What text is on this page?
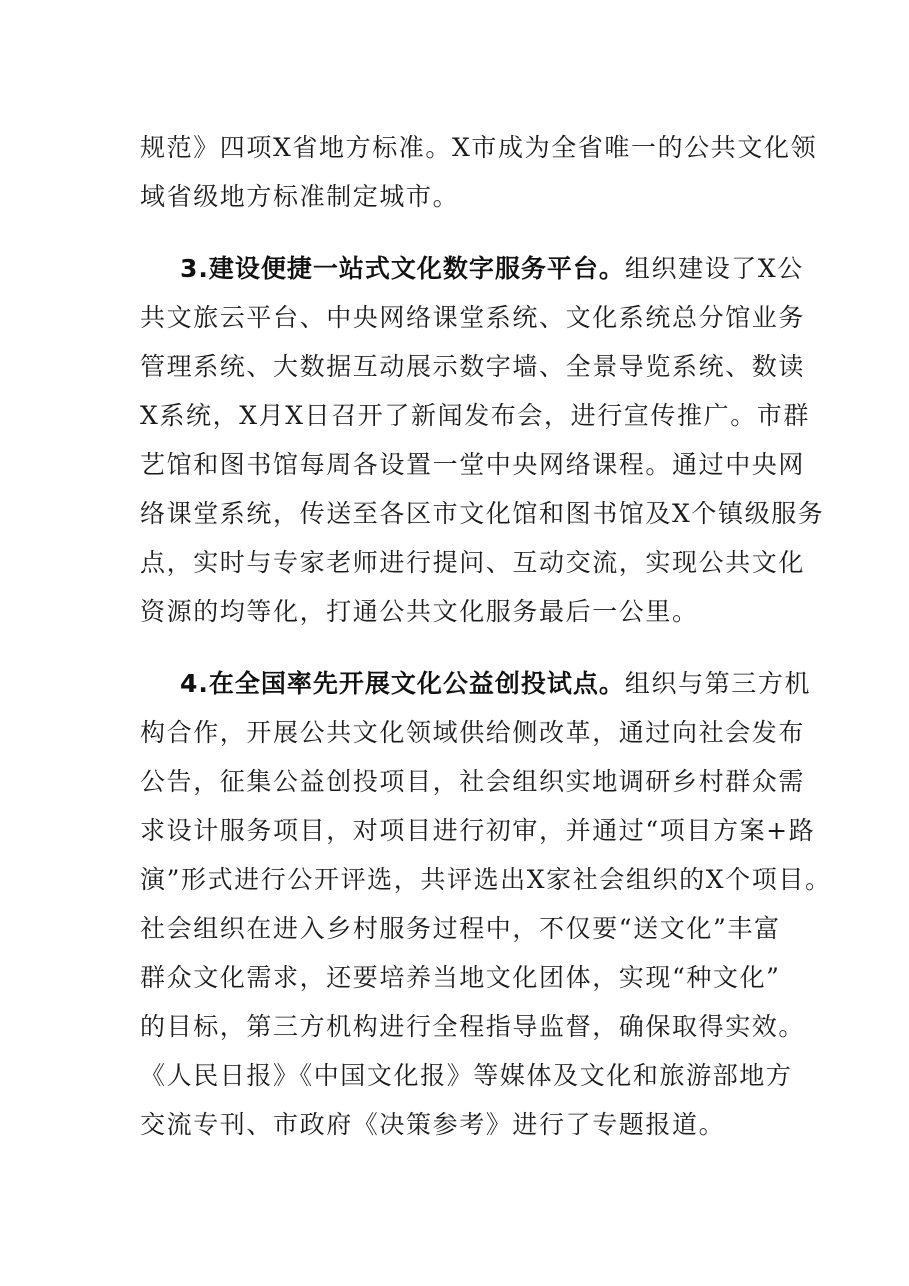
规范》四项X省地方标准。X市成为全省唯一的公共文化领
域省级地方标准制定城市。
3.建设便捷一站式文化数字服务平台。组织建设了X公
共文旅云平台、中央网络课堂系统、文化系统总分馆业务
管理系统、大数据互动展示数字墙、全景导览系统、数读
X系统，X月X日召开了新闻发布会，进行宣传推广。市群
艺馆和图书馆每周各设置一堂中央网络课程。通过中央网
络课堂系统，传送至各区市文化馆和图书馆及X个镇级服务
点，实时与专家老师进行提问、互动交流，实现公共文化
资源的均等化，打通公共文化服务最后一公里。
4.在全国率先开展文化公益创投试点。组织与第三方机
构合作，开展公共文化领域供给侧改革，通过向社会发布
公告，征集公益创投项目，社会组织实地调研乡村群众需
求设计服务项目，对项目进行初审，并通过“项目方案+路
演”形式进行公开评选，共评选出X家社会组织的X个项目。
社会组织在进入乡村服务过程中，不仅要“送文化”丰富
群众文化需求，还要培养当地文化团体，实现“种文化”
的目标，第三方机构进行全程指导监督，确保取得实效。
《人民日报》《中国文化报》等媒体及文化和旅游部地方
交流专刊、市政府《决策参考》进行了专题报道。
